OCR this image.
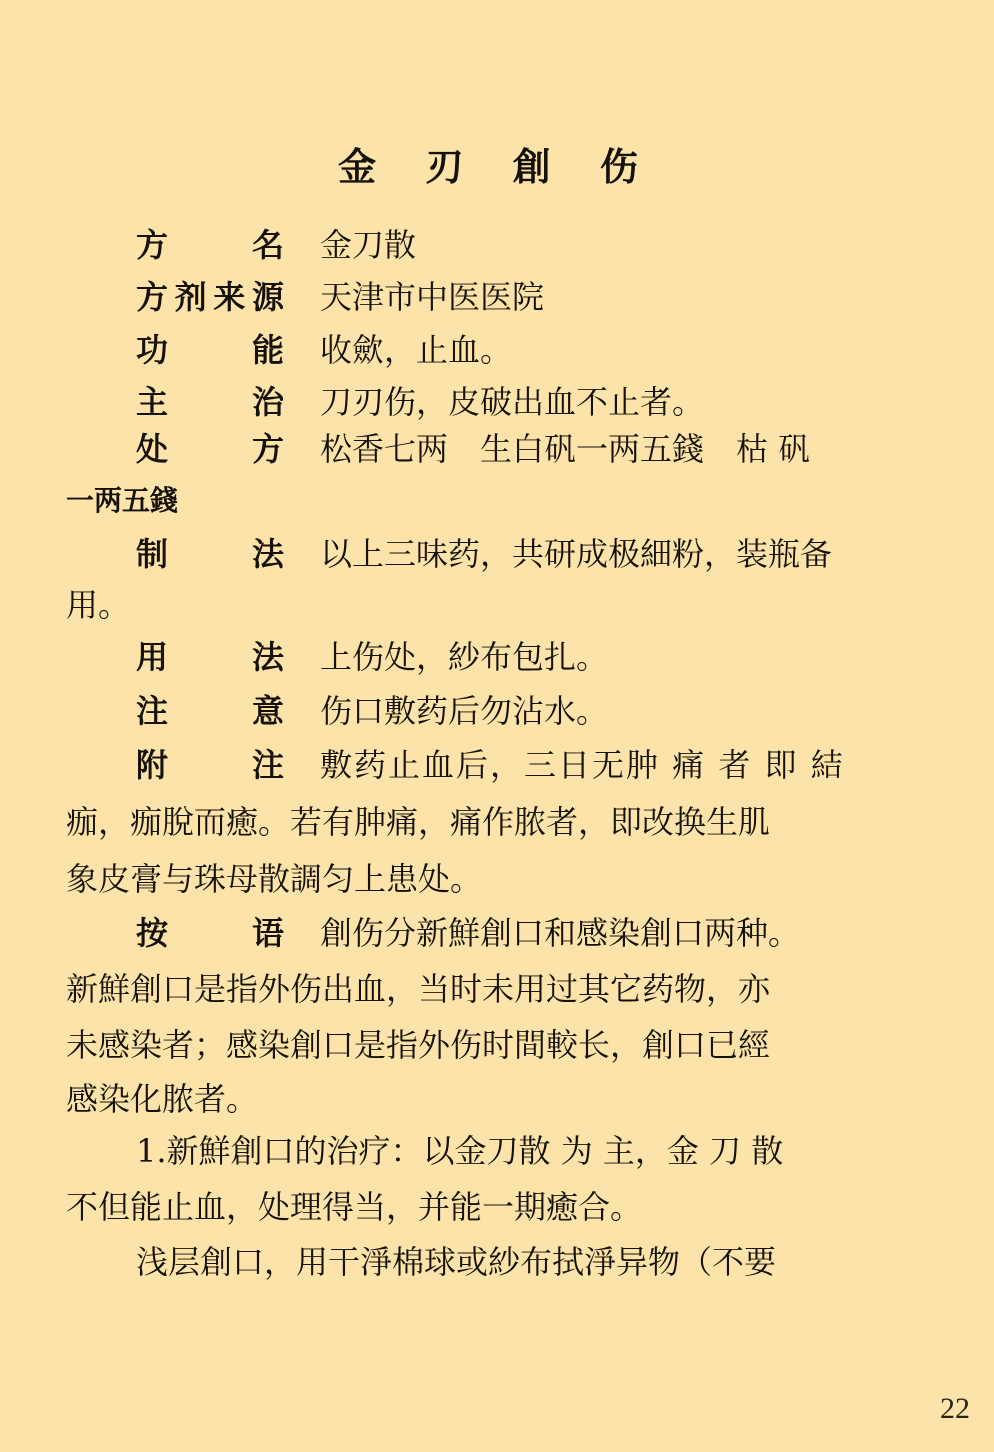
金 刃 創 伤
方　　名 金刀散
方剂来源 天津市中医医院
功　　能 收歛，止血。
主　　治 刀刃伤，皮破出血不止者。
处　　方 松香七两　生白矾一两五錢　枯 矾
一两五錢
制　　法 以上三味药，共研成极細粉，装瓶备
用。
用　　法 上伤处，紗布包扎。
注　　意 伤口敷药后勿沾水。
附　　注 敷药止血后，三日无肿 痛 者 即 結
痂，痂脫而癒。若有肿痛，痛作脓者，即改换生肌
象皮膏与珠母散調匀上患处。
按　　语 創伤分新鮮創口和感染創口两种。
新鮮創口是指外伤出血，当时未用过其它药物，亦
未感染者；感染創口是指外伤时間較长，創口已經
感染化脓者。
1.新鮮創口的治疗：以金刀散 为 主，金 刀 散
不但能止血，处理得当，并能一期癒合。
浅层創口，用干淨棉球或紗布拭淨异物（不要
22
